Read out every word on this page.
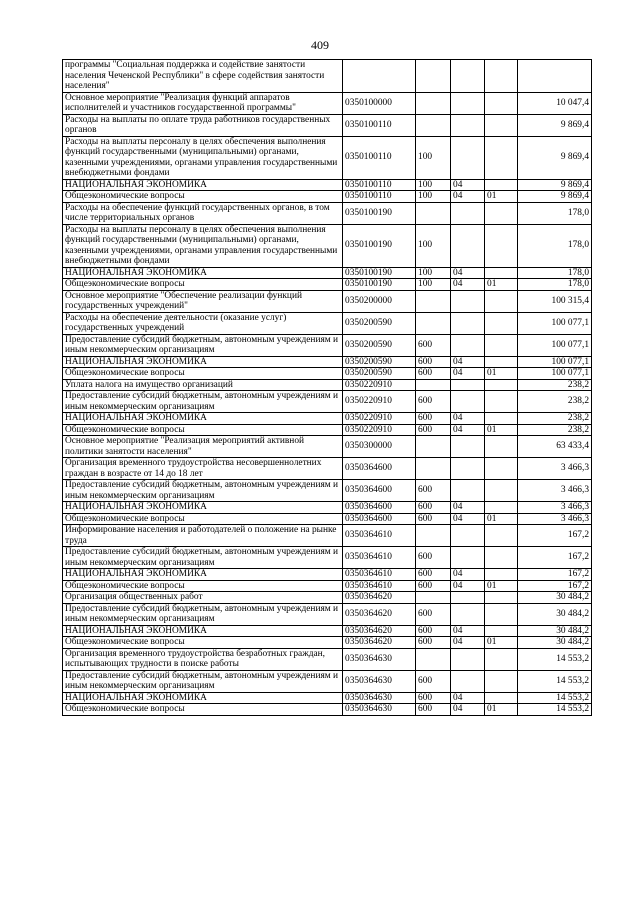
409
программы "Социальная поддержка и содействие занятости населения Чеченской Республики" в сфере содействия занятости населения"					
Основное мероприятие "Реализация функций аппаратов исполнителей и участников государственной программы"	0350100000				10 047,4
Расходы на выплаты по оплате труда работников государственных органов	0350100110				9 869,4
Расходы на выплаты персоналу в целях обеспечения выполнения функций государственными (муниципальными) органами, казенными учреждениями, органами управления государственными внебюджетными фондами	0350100110	100			9 869,4
НАЦИОНАЛЬНАЯ ЭКОНОМИКА	0350100110	100	04		9 869,4
Общеэкономические вопросы	0350100110	100	04	01	9 869,4
Расходы на обеспечение функций государственных органов, в том числе территориальных органов	0350100190				178,0
Расходы на выплаты персоналу в целях обеспечения выполнения функций государственными (муниципальными) органами, казенными учреждениями, органами управления государственными внебюджетными фондами	0350100190	100			178,0
НАЦИОНАЛЬНАЯ ЭКОНОМИКА	0350100190	100	04		178,0
Общеэкономические вопросы	0350100190	100	04	01	178,0
Основное мероприятие "Обеспечение реализации функций государственных учреждений"	0350200000				100 315,4
Расходы на обеспечение деятельности (оказание услуг) государственных учреждений	0350200590				100 077,1
Предоставление субсидий бюджетным, автономным учреждениям и иным некоммерческим организациям	0350200590	600			100 077,1
НАЦИОНАЛЬНАЯ ЭКОНОМИКА	0350200590	600	04		100 077,1
Общеэкономические вопросы	0350200590	600	04	01	100 077,1
Уплата налога на имущество организаций	0350220910				238,2
Предоставление субсидий бюджетным, автономным учреждениям и иным некоммерческим организациям	0350220910	600			238,2
НАЦИОНАЛЬНАЯ ЭКОНОМИКА	0350220910	600	04		238,2
Общеэкономические вопросы	0350220910	600	04	01	238,2
Основное мероприятие "Реализация мероприятий активной политики занятости населения"	0350300000				63 433,4
Организация временного трудоустройства несовершеннолетних граждан в возрасте от 14 до 18 лет	0350364600				3 466,3
Предоставление субсидий бюджетным, автономным учреждениям и иным некоммерческим организациям	0350364600	600			3 466,3
НАЦИОНАЛЬНАЯ ЭКОНОМИКА	0350364600	600	04		3 466,3
Общеэкономические вопросы	0350364600	600	04	01	3 466,3
Информирование населения и работодателей о положение на рынке труда	0350364610				167,2
Предоставление субсидий бюджетным, автономным учреждениям и иным некоммерческим организациям	0350364610	600			167,2
НАЦИОНАЛЬНАЯ ЭКОНОМИКА	0350364610	600	04		167,2
Общеэкономические вопросы	0350364610	600	04	01	167,2
Организация общественных работ	0350364620				30 484,2
Предоставление субсидий бюджетным, автономным учреждениям и иным некоммерческим организациям	0350364620	600			30 484,2
НАЦИОНАЛЬНАЯ ЭКОНОМИКА	0350364620	600	04		30 484,2
Общеэкономические вопросы	0350364620	600	04	01	30 484,2
Организация временного трудоустройства безработных граждан, испытывающих трудности в поиске работы	0350364630				14 553,2
Предоставление субсидий бюджетным, автономным учреждениям и иным некоммерческим организациям	0350364630	600			14 553,2
НАЦИОНАЛЬНАЯ ЭКОНОМИКА	0350364630	600	04		14 553,2
Общеэкономические вопросы	0350364630	600	04	01	14 553,2
